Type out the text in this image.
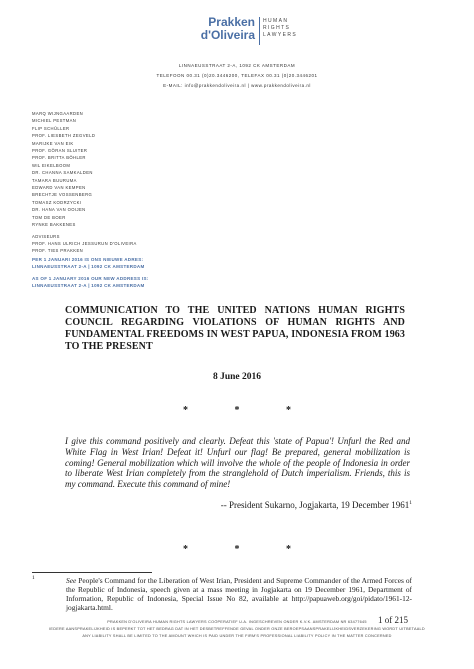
Prakken
d'Oliveira
HUMAN
RIGHTS
LAWYERS
LINNAEUSSTRAAT 2-A, 1092 CK AMSTERDAM
TELEFOON 00.31 (0)20.3446200, TELEFAX 00.31 (0)20.3446201
E-MAIL: info@prakkendoliveira.nl | www.prakkendoliveira.nl
MARQ WIJNGAARDEN
MICHIEL PESTMAN
FLIP SCHÜLLER
PROF. LIESBETH ZEGVELD
MARIJKE VAN EIK
PROF. GÖRAN SLUITER
PROF. BRITTA BÖHLER
WIL EIKELBOOM
DR. CHANNA SAMKALDEN
TAMARA BUURUMA
EDWARD VAN KEMPEN
BRECHTJE VOSSENBERG
TOMASZ KODRZYCKI
DR. HANA VAN OOIJEN
TOM DE BOER
RYNKE BAKKENES
ADVISEURS
PROF. HANS ULRICH JESSURUN D'OLIVEIRA
PROF. TIES PRAKKEN
PER 1 JANUARI 2016 IS ONS NIEUWE ADRES:
LINNAEUSSTRAAT 2-A | 1092 CK AMSTERDAM
AS OF 1 JANUARY 2016 OUR NEW ADDRESS IS:
LINNAEUSSTRAAT 2-A | 1092 CK AMSTERDAM
COMMUNICATION TO THE UNITED NATIONS HUMAN RIGHTS COUNCIL REGARDING VIOLATIONS OF HUMAN RIGHTS AND FUNDAMENTAL FREEDOMS IN WEST PAPUA, INDONESIA FROM 1963 TO THE PRESENT
8 June 2016
* * *
I give this command positively and clearly. Defeat this 'state of Papua'! Unfurl the Red and White Flag in West Irian! Defeat it! Unfurl our flag! Be prepared, general mobilization is coming! General mobilization which will involve the whole of the people of Indonesia in order to liberate West Irian completely from the stranglehold of Dutch imperialism. Friends, this is my command. Execute this command of mine!
-- President Sukarno, Jogjakarta, 19 December 1961$^1$
* * *
1	See People's Command for the Liberation of West Irian, President and Supreme Commander of the Armed Forces of the Republic of Indonesia, speech given at a mass meeting in Jogjakarta on 19 December 1961, Department of Information, Republic of Indonesia, Special Issue No 82, available at http://papuaweb.org/goi/pidato/1961-12-jogjakarta.html.
PRAKKEN D'OLIVEIRA HUMAN RIGHTS LAWYERS COÖPERATIEF U.A. INGESCHREVEN ONDER K.V.K. AMSTERDAM NR 63477645
IEDERE AANSPRAKELIJKHEID IS BEPERKT TOT HET BEDRAG DAT IN HET DESBETREFFENDE GEVAL ONDER ONZE BEROEPSAANSPRAKELIJKHEIDSVERZEKERING WORDT UITBETAALD
ANY LIABILITY SHALL BE LIMITED TO THE AMOUNT WHICH IS PAID UNDER THE FIRM'S PROFESSIONAL LIABILITY POLICY IN THE MATTER CONCERNED
1 of 215
